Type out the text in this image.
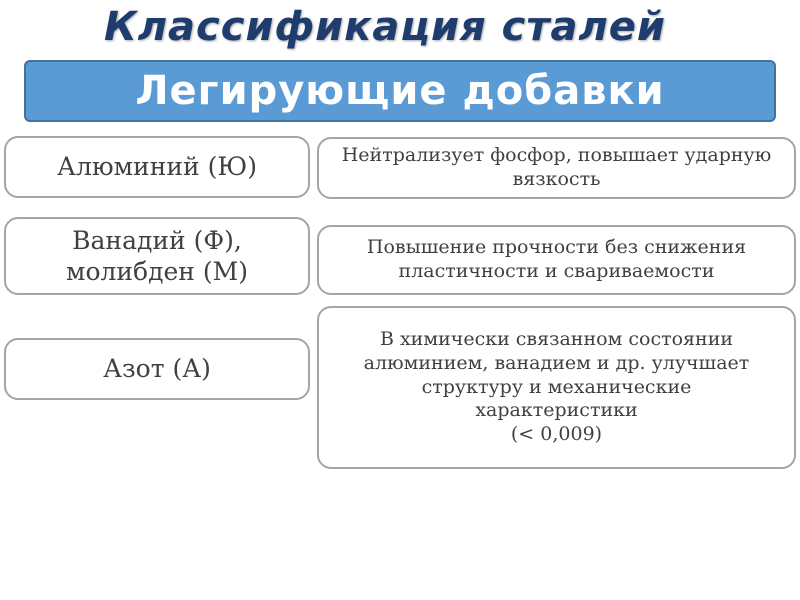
Классификация сталей
Легирующие добавки
Алюминий (Ю)	Нейтрализует фосфор, повышает ударную
вязкость
Ванадий (Ф),
молибден (М)
Повышение прочности без снижения
пластичности и свариваемости
Азот (А)
В химически связанном состоянии
алюминием, ванадием и др. улучшает
структуру и механические
характеристики
(< 0,009)
